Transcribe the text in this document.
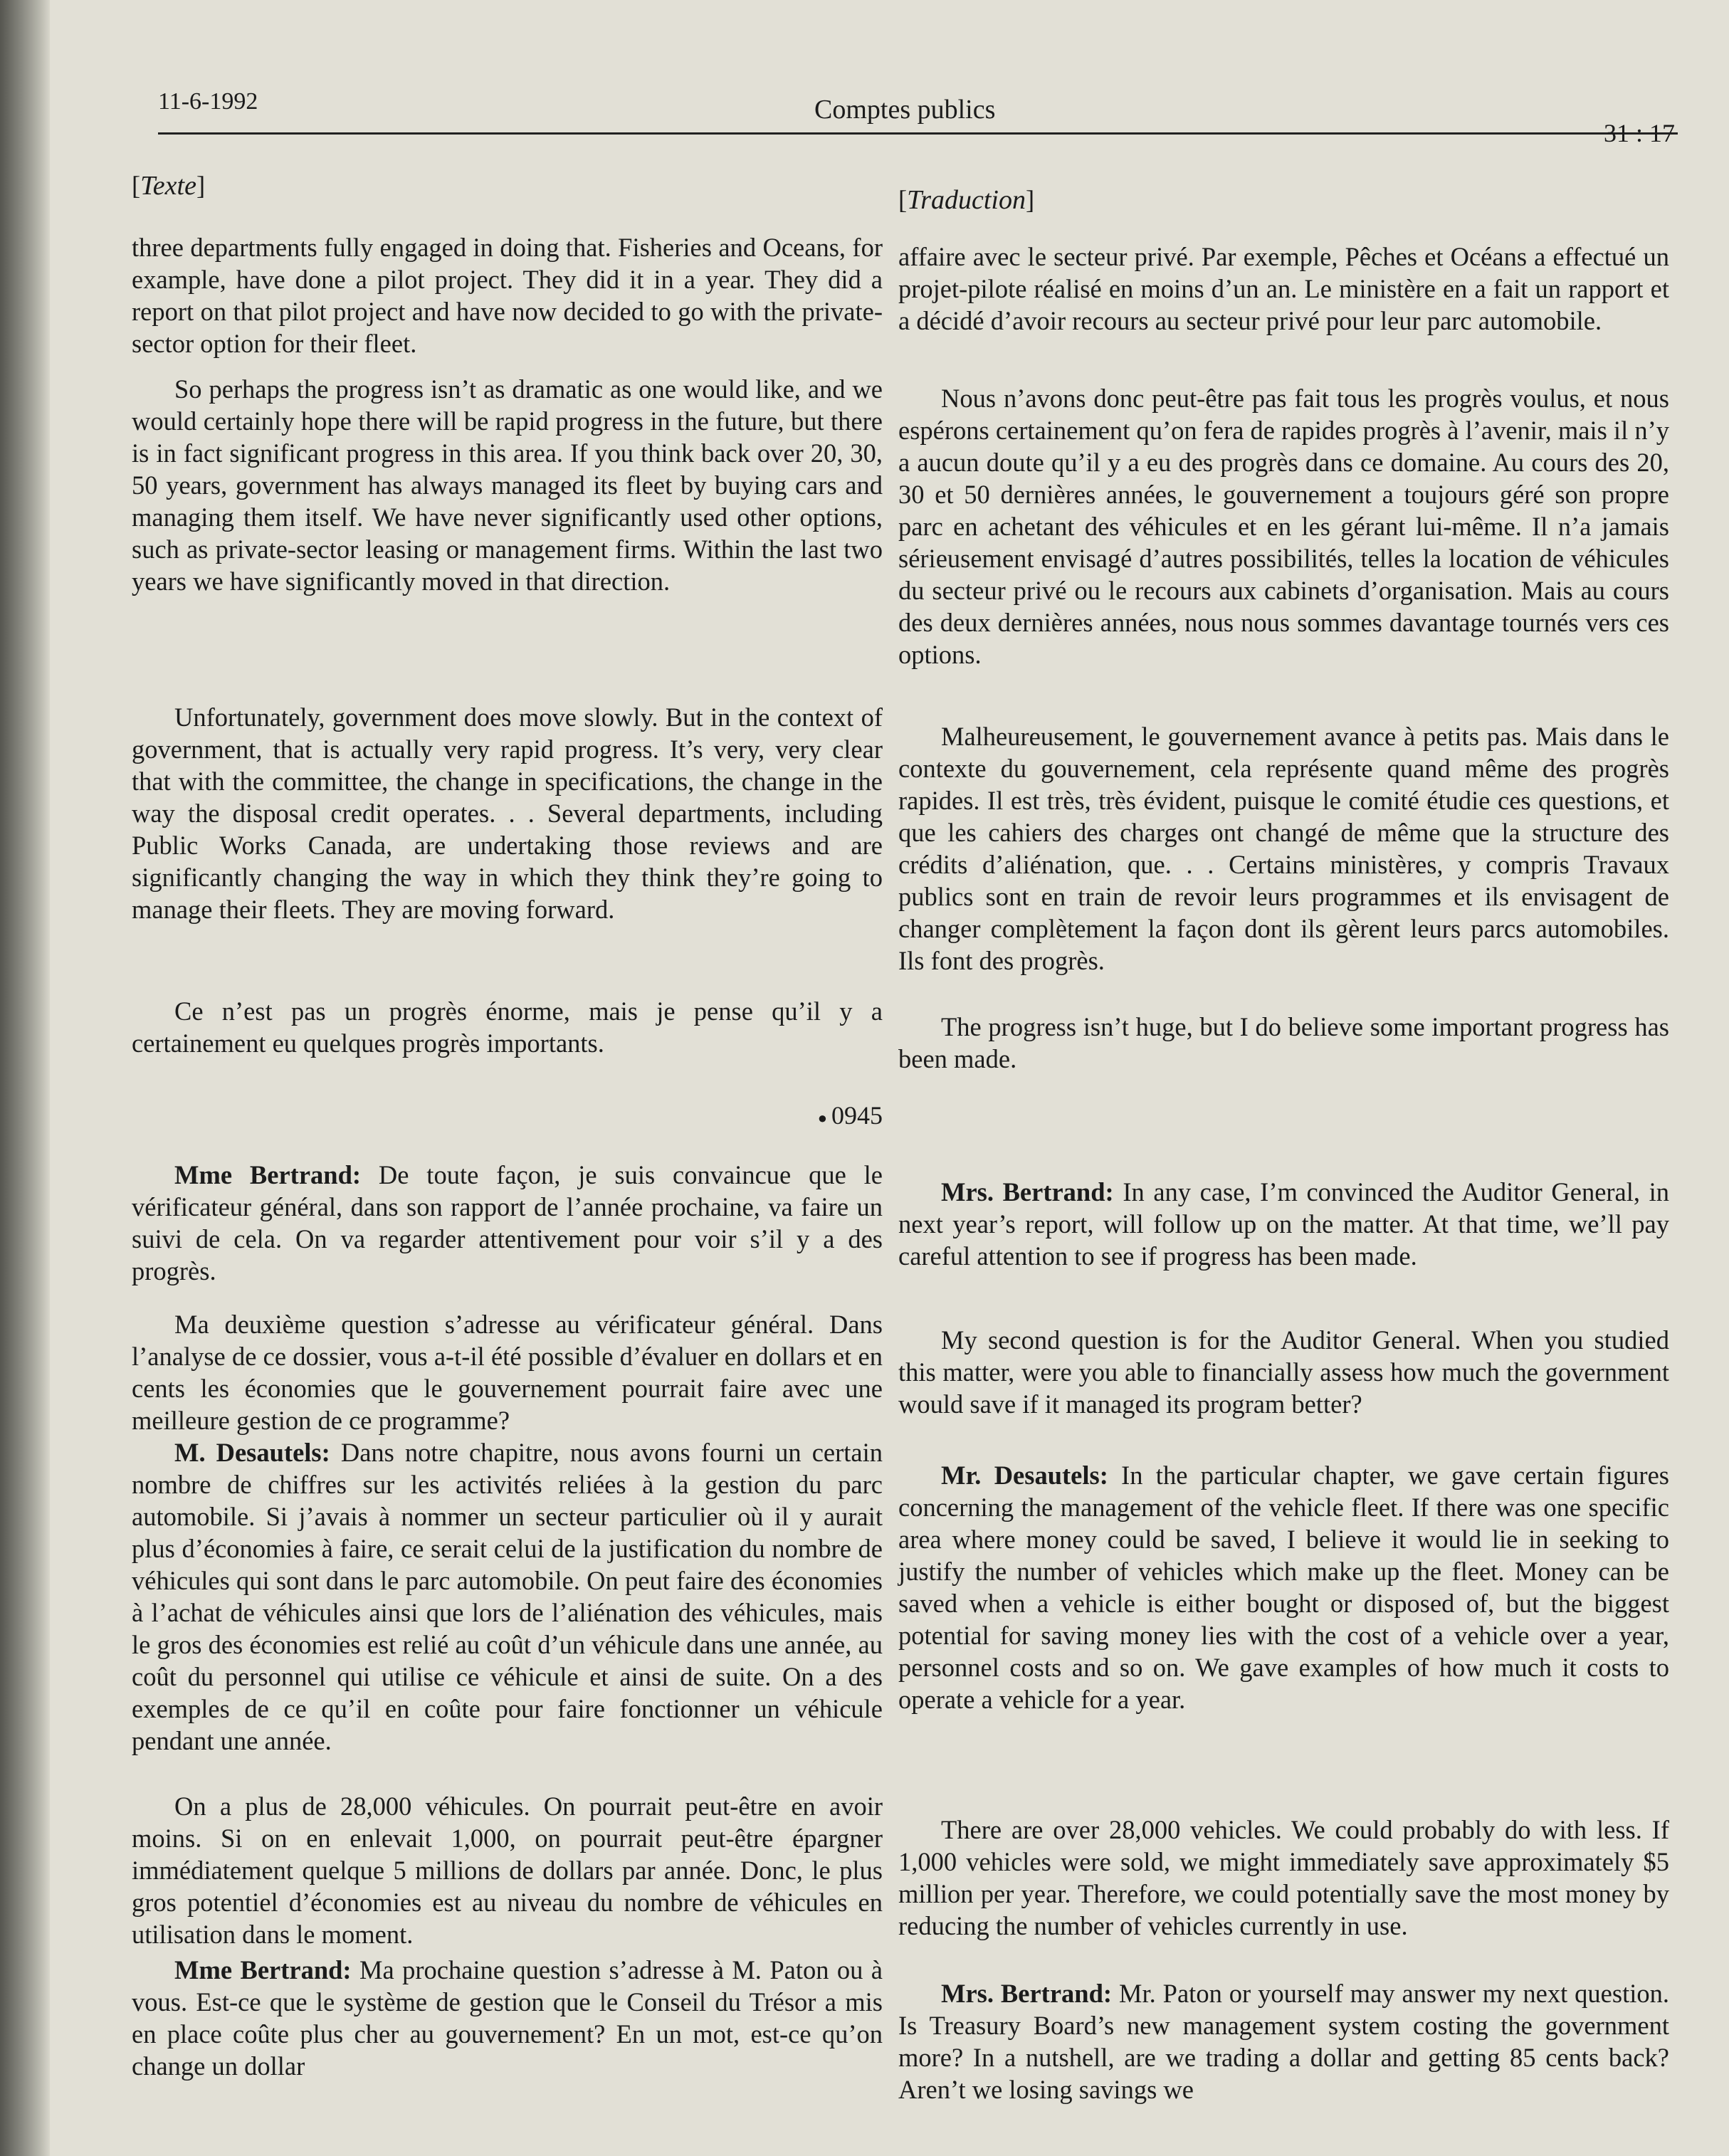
11-6-1992	Comptes publics
31 : 17

[Texte]

three departments fully engaged in doing that. Fisheries and Oceans, for example, have done a pilot project. They did it in a year. They did a report on that pilot project and have now decided to go with the private-sector option for their fleet.

So perhaps the progress isn’t as dramatic as one would like, and we would certainly hope there will be rapid progress in the future, but there is in fact significant progress in this area. If you think back over 20, 30, 50 years, government has always managed its fleet by buying cars and managing them itself. We have never significantly used other options, such as private-sector leasing or management firms. Within the last two years we have significantly moved in that direction.

Unfortunately, government does move slowly. But in the context of government, that is actually very rapid progress. It’s very, very clear that with the committee, the change in specifications, the change in the way the disposal credit operates. . . Several departments, including Public Works Canada, are undertaking those reviews and are significantly changing the way in which they think they’re going to manage their fleets. They are moving forward.

Ce n’est pas un progrès énorme, mais je pense qu’il y a certainement eu quelques progrès importants.

● 0945

Mme Bertrand: De toute façon, je suis convaincue que le vérificateur général, dans son rapport de l’année prochaine, va faire un suivi de cela. On va regarder attentivement pour voir s’il y a des progrès.

Ma deuxième question s’adresse au vérificateur général. Dans l’analyse de ce dossier, vous a-t-il été possible d’évaluer en dollars et en cents les économies que le gouvernement pourrait faire avec une meilleure gestion de ce programme?

M. Desautels: Dans notre chapitre, nous avons fourni un certain nombre de chiffres sur les activités reliées à la gestion du parc automobile. Si j’avais à nommer un secteur particulier où il y aurait plus d’économies à faire, ce serait celui de la justification du nombre de véhicules qui sont dans le parc automobile. On peut faire des économies à l’achat de véhicules ainsi que lors de l’aliénation des véhicules, mais le gros des économies est relié au coût d’un véhicule dans une année, au coût du personnel qui utilise ce véhicule et ainsi de suite. On a des exemples de ce qu’il en coûte pour faire fonctionner un véhicule pendant une année.

On a plus de 28,000 véhicules. On pourrait peut-être en avoir moins. Si on en enlevait 1,000, on pourrait peut-être épargner immédiatement quelque 5 millions de dollars par année. Donc, le plus gros potentiel d’économies est au niveau du nombre de véhicules en utilisation dans le moment.

Mme Bertrand: Ma prochaine question s’adresse à M. Paton ou à vous. Est-ce que le système de gestion que le Conseil du Trésor a mis en place coûte plus cher au gouvernement? En un mot, est-ce qu’on change un dollar

[Traduction]

affaire avec le secteur privé. Par exemple, Pêches et Océans a effectué un projet-pilote réalisé en moins d’un an. Le ministère en a fait un rapport et a décidé d’avoir recours au secteur privé pour leur parc automobile.

Nous n’avons donc peut-être pas fait tous les progrès voulus, et nous espérons certainement qu’on fera de rapides progrès à l’avenir, mais il n’y a aucun doute qu’il y a eu des progrès dans ce domaine. Au cours des 20, 30 et 50 dernières années, le gouvernement a toujours géré son propre parc en achetant des véhicules et en les gérant lui-même. Il n’a jamais sérieusement envisagé d’autres possibilités, telles la location de véhicules du secteur privé ou le recours aux cabinets d’organisation. Mais au cours des deux dernières années, nous nous sommes davantage tournés vers ces options.

Malheureusement, le gouvernement avance à petits pas. Mais dans le contexte du gouvernement, cela représente quand même des progrès rapides. Il est très, très évident, puisque le comité étudie ces questions, et que les cahiers des charges ont changé de même que la structure des crédits d’aliénation, que. . . Certains ministères, y compris Travaux publics sont en train de revoir leurs programmes et ils envisagent de changer complètement la façon dont ils gèrent leurs parcs automobiles. Ils font des progrès.

The progress isn’t huge, but I do believe some important progress has been made.

Mrs. Bertrand: In any case, I’m convinced the Auditor General, in next year’s report, will follow up on the matter. At that time, we’ll pay careful attention to see if progress has been made.

My second question is for the Auditor General. When you studied this matter, were you able to financially assess how much the government would save if it managed its program better?

Mr. Desautels: In the particular chapter, we gave certain figures concerning the management of the vehicle fleet. If there was one specific area where money could be saved, I believe it would lie in seeking to justify the number of vehicles which make up the fleet. Money can be saved when a vehicle is either bought or disposed of, but the biggest potential for saving money lies with the cost of a vehicle over a year, personnel costs and so on. We gave examples of how much it costs to operate a vehicle for a year.

There are over 28,000 vehicles. We could probably do with less. If 1,000 vehicles were sold, we might immediately save approximately $5 million per year. Therefore, we could potentially save the most money by reducing the number of vehicles currently in use.

Mrs. Bertrand: Mr. Paton or yourself may answer my next question. Is Treasury Board’s new management system costing the government more? In a nutshell, are we trading a dollar and getting 85 cents back? Aren’t we losing savings we
